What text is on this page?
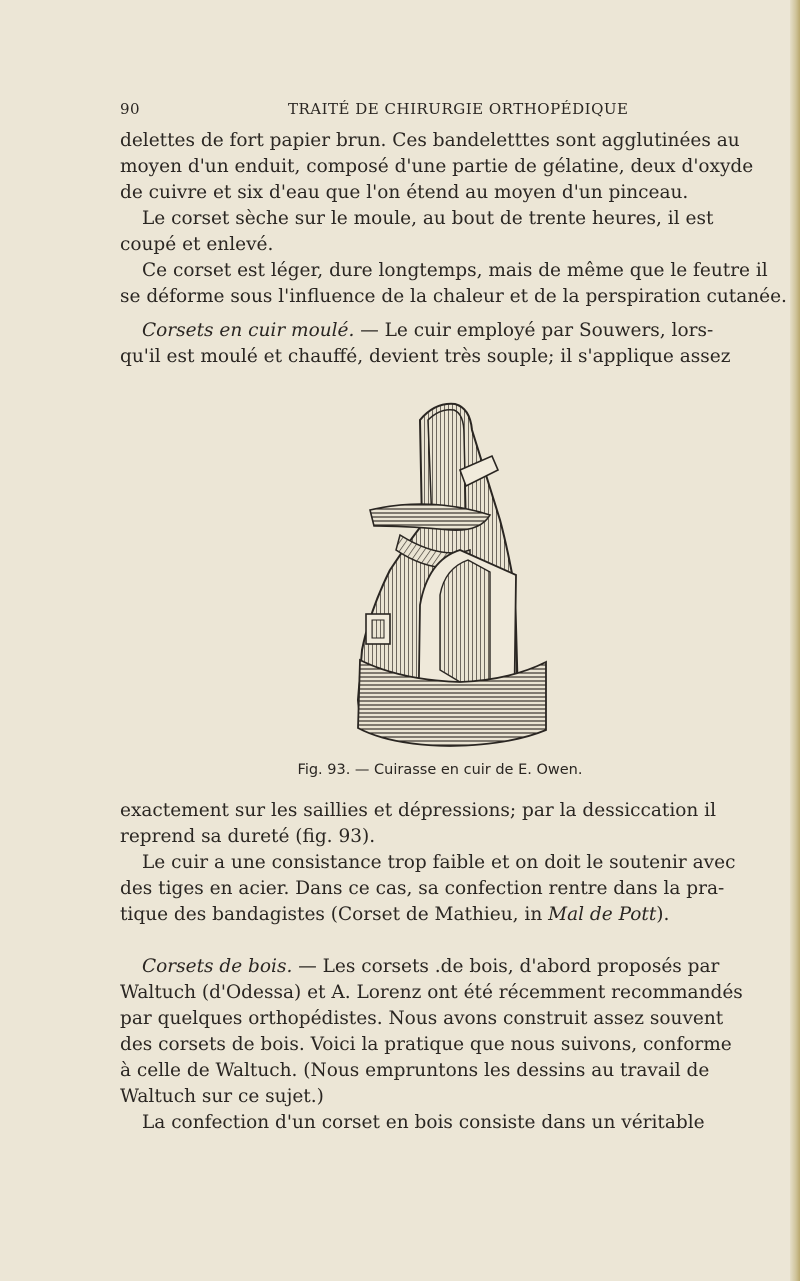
90	TRAITÉ DE CHIRURGIE ORTHOPÉDIQUE
delettes de fort papier brun. Ces bandeletttes sont agglutinées au
moyen d'un enduit, composé d'une partie de gélatine, deux d'oxyde
de cuivre et six d'eau que l'on étend au moyen d'un pinceau.
Le corset sèche sur le moule, au bout de trente heures, il est
coupé et enlevé.
Ce corset est léger, dure longtemps, mais de même que le feutre il
se déforme sous l'influence de la chaleur et de la perspiration cutanée.
Corsets en cuir moulé. — Le cuir employé par Souwers, lors-
qu'il est moulé et chauffé, devient très souple; il s'applique assez
Fig. 93. — Cuirasse en cuir de E. Owen.
exactement sur les saillies et dépressions; par la dessiccation il
reprend sa dureté (fig. 93).
Le cuir a une consistance trop faible et on doit le soutenir avec
des tiges en acier. Dans ce cas, sa confection rentre dans la pra-
tique des bandagistes (Corset de Mathieu, in Mal de Pott).
Corsets de bois. — Les corsets .de bois, d'abord proposés par
Waltuch (d'Odessa) et A. Lorenz ont été récemment recommandés
par quelques orthopédistes. Nous avons construit assez souvent
des corsets de bois. Voici la pratique que nous suivons, conforme
à celle de Waltuch. (Nous empruntons les dessins au travail de
Waltuch sur ce sujet.)
La confection d'un corset en bois consiste dans un véritable
